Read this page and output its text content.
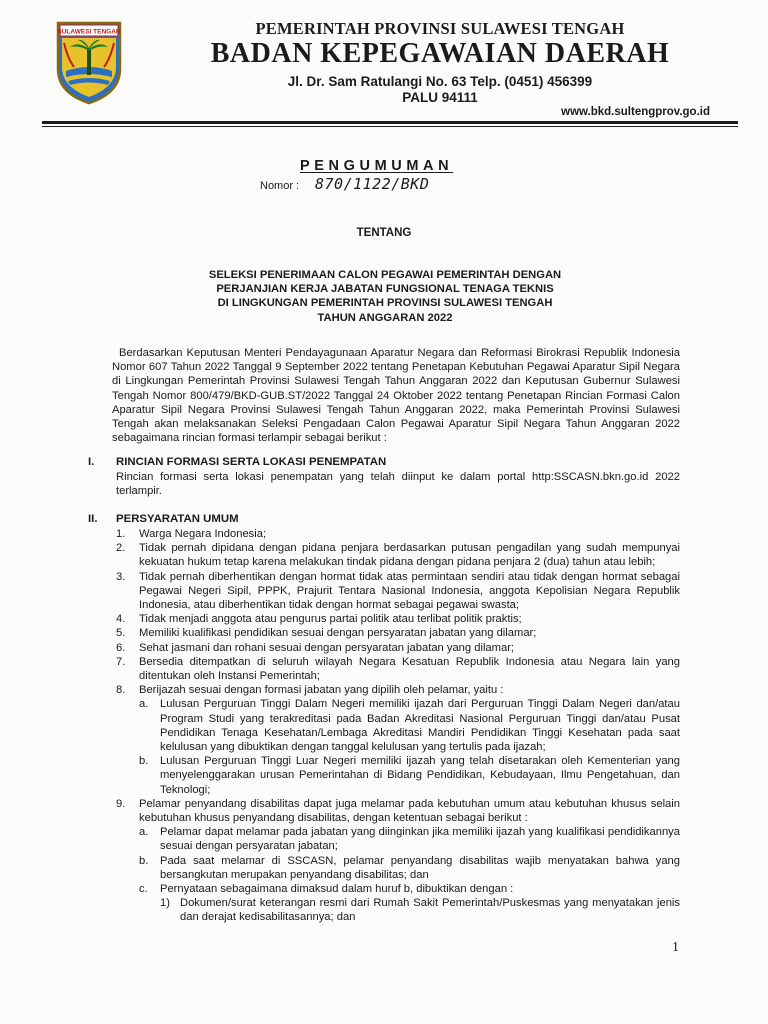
SULAWESI TENGAH	PEMERINTAH PROVINSI SULAWESI TENGAH
BADAN KEPEGAWAIAN DAERAH
Jl. Dr. Sam Ratulangi No. 63 Telp. (0451) 456399
PALU 94111
www.bkd.sultengprov.go.id
PENGUMUMAN
Nomor : 870/1122/BKD
TENTANG
SELEKSI PENERIMAAN CALON PEGAWAI PEMERINTAH DENGAN
PERJANJIAN KERJA JABATAN FUNGSIONAL TENAGA TEKNIS
DI LINGKUNGAN PEMERINTAH PROVINSI SULAWESI TENGAH
TAHUN ANGGARAN 2022
Berdasarkan Keputusan Menteri Pendayagunaan Aparatur Negara dan Reformasi Birokrasi Republik Indonesia Nomor 607 Tahun 2022 Tanggal 9 September 2022 tentang Penetapan Kebutuhan Pegawai Aparatur Sipil Negara di Lingkungan Pemerintah Provinsi Sulawesi Tengah Tahun Anggaran 2022 dan Keputusan Gubernur Sulawesi Tengah Nomor 800/479/BKD-GUB.ST/2022 Tanggal 24 Oktober 2022 tentang Penetapan Rincian Formasi Calon Aparatur Sipil Negara Provinsi Sulawesi Tengah Tahun Anggaran 2022, maka Pemerintah Provinsi Sulawesi Tengah akan melaksanakan Seleksi Pengadaan Calon Pegawai Aparatur Sipil Negara Tahun Anggaran 2022 sebagaimana rincian formasi terlampir sebagai berikut :
I. RINCIAN FORMASI SERTA LOKASI PENEMPATAN
Rincian formasi serta lokasi penempatan yang telah diinput ke dalam portal http:SSCASN.bkn.go.id 2022 terlampir.
II. PERSYARATAN UMUM
1.	Warga Negara Indonesia;
2.	Tidak pernah dipidana dengan pidana penjara berdasarkan putusan pengadilan yang sudah mempunyai kekuatan hukum tetap karena melakukan tindak pidana dengan pidana penjara 2 (dua) tahun atau lebih;
3.	Tidak pernah diberhentikan dengan hormat tidak atas permintaan sendiri atau tidak dengan hormat sebagai Pegawai Negeri Sipil, PPPK, Prajurit Tentara Nasional Indonesia, anggota Kepolisian Negara Republik Indonesia, atau diberhentikan tidak dengan hormat sebagai pegawai swasta;
4.	Tidak menjadi anggota atau pengurus partai politik atau terlibat politik praktis;
5.	Memiliki kualifikasi pendidikan sesuai dengan persyaratan jabatan yang dilamar;
6.	Sehat jasmani dan rohani sesuai dengan persyaratan jabatan yang dilamar;
7.	Bersedia ditempatkan di seluruh wilayah Negara Kesatuan Republik Indonesia atau Negara lain yang ditentukan oleh Instansi Pemerintah;
8.	Berijazah sesuai dengan formasi jabatan yang dipilih oleh pelamar, yaitu :
a.	Lulusan Perguruan Tinggi Dalam Negeri memiliki ijazah dari Perguruan Tinggi Dalam Negeri dan/atau Program Studi yang terakreditasi pada Badan Akreditasi Nasional Perguruan Tinggi dan/atau Pusat Pendidikan Tenaga Kesehatan/Lembaga Akreditasi Mandiri Pendidikan Tinggi Kesehatan pada saat kelulusan yang dibuktikan dengan tanggal kelulusan yang tertulis pada ijazah;
b.	Lulusan Perguruan Tinggi Luar Negeri memiliki ijazah yang telah disetarakan oleh Kementerian yang menyelenggarakan urusan Pemerintahan di Bidang Pendidikan, Kebudayaan, Ilmu Pengetahuan, dan Teknologi;
9.	Pelamar penyandang disabilitas dapat juga melamar pada kebutuhan umum atau kebutuhan khusus selain kebutuhan khusus penyandang disabilitas, dengan ketentuan sebagai berikut :
a.	Pelamar dapat melamar pada jabatan yang diinginkan jika memiliki ijazah yang kualifikasi pendidikannya sesuai dengan persyaratan jabatan;
b.	Pada saat melamar di SSCASN, pelamar penyandang disabilitas wajib menyatakan bahwa yang bersangkutan merupakan penyandang disabilitas; dan
c.	Pernyataan sebagaimana dimaksud dalam huruf b, dibuktikan dengan :
1) Dokumen/surat keterangan resmi dari Rumah Sakit Pemerintah/Puskesmas yang menyatakan jenis dan derajat kedisabilitasannya; dan
1
